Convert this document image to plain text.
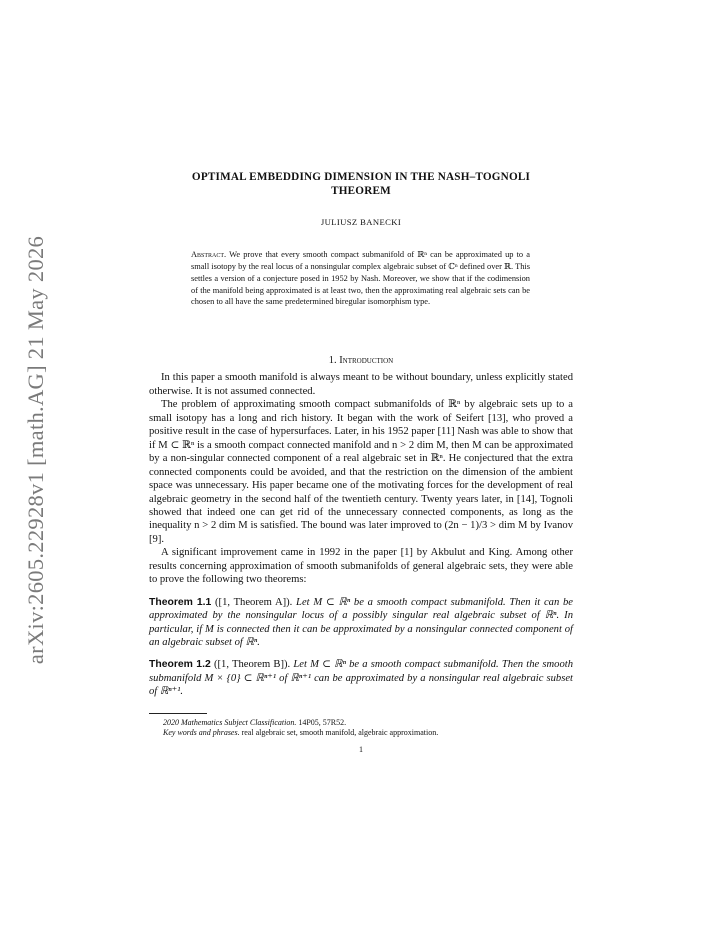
arXiv:2605.22928v1 [math.AG] 21 May 2026
OPTIMAL EMBEDDING DIMENSION IN THE NASH–TOGNOLI THEOREM
JULIUSZ BANECKI
Abstract. We prove that every smooth compact submanifold of ℝⁿ can be approximated up to a small isotopy by the real locus of a nonsingular complex algebraic subset of ℂⁿ defined over ℝ. This settles a version of a conjecture posed in 1952 by Nash. Moreover, we show that if the codimension of the manifold being approximated is at least two, then the approximating real algebraic sets can be chosen to all have the same predetermined biregular isomorphism type.
1. Introduction

In this paper a smooth manifold is always meant to be without boundary, unless explicitly stated otherwise. It is not assumed connected.

The problem of approximating smooth compact submanifolds of ℝⁿ by algebraic sets up to a small isotopy has a long and rich history. It began with the work of Seifert [13], who proved a positive result in the case of hypersurfaces. Later, in his 1952 paper [11] Nash was able to show that if M ⊂ ℝⁿ is a smooth compact connected manifold and n > 2 dim M, then M can be approximated by a non-singular connected component of a real algebraic set in ℝⁿ. He conjectured that the extra connected components could be avoided, and that the restriction on the dimension of the ambient space was unnecessary. His paper became one of the motivating forces for the development of real algebraic geometry in the second half of the twentieth century. Twenty years later, in [14], Tognoli showed that indeed one can get rid of the unnecessary connected components, as long as the inequality n > 2 dim M is satisfied. The bound was later improved to (2n − 1)/3 > dim M by Ivanov [9].

A significant improvement came in 1992 in the paper [1] by Akbulut and King. Among other results concerning approximation of smooth submanifolds of general algebraic sets, they were able to prove the following two theorems:

Theorem 1.1 ([1, Theorem A]). Let M ⊂ ℝⁿ be a smooth compact submanifold. Then it can be approximated by the nonsingular locus of a possibly singular real algebraic subset of ℝⁿ. In particular, if M is connected then it can be approximated by a nonsingular connected component of an algebraic subset of ℝⁿ.
Theorem 1.2 ([1, Theorem B]). Let M ⊂ ℝⁿ be a smooth compact submanifold. Then the smooth submanifold M × {0} ⊂ ℝⁿ⁺¹ of ℝⁿ⁺¹ can be approximated by a nonsingular real algebraic subset of ℝⁿ⁺¹.
2020 Mathematics Subject Classification. 14P05, 57R52.
Key words and phrases. real algebraic set, smooth manifold, algebraic approximation.
1
